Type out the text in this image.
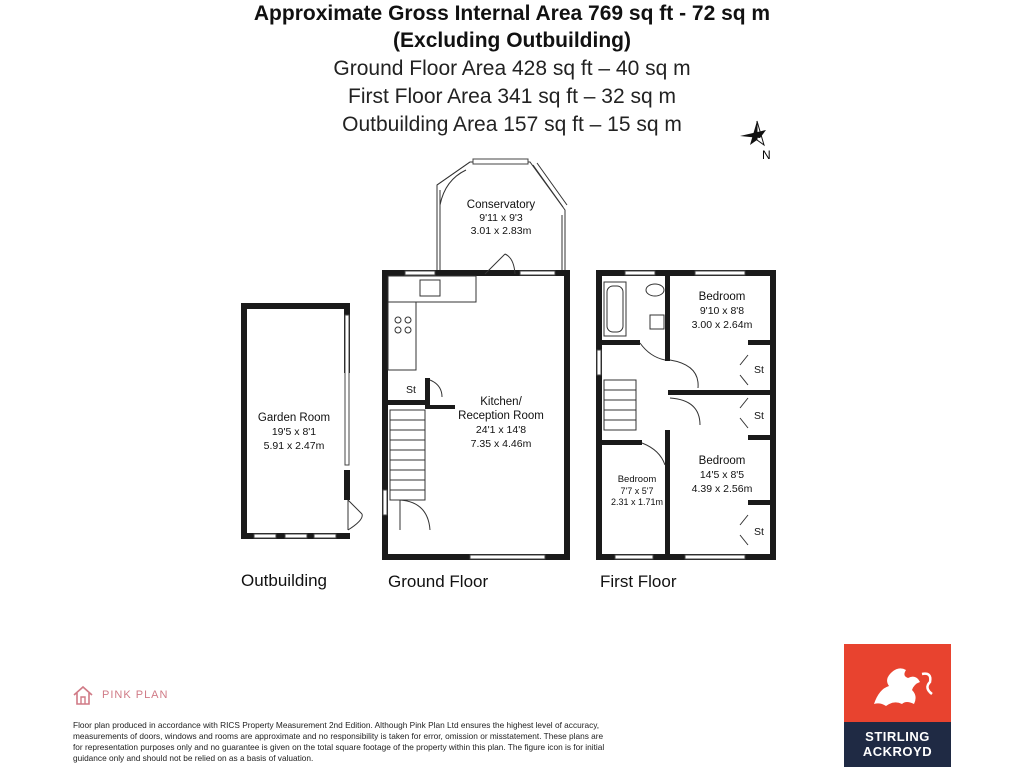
Approximate Gross Internal Area 769 sq ft - 72 sq m
(Excluding Outbuilding)
Ground Floor Area 428 sq ft – 40 sq m
First Floor Area 341 sq ft – 32 sq m
Outbuilding Area 157 sq ft – 15 sq m
N
Conservatory
9'11 x 9'3
3.01 x 2.83m
Kitchen/
Reception Room
24'1 x 14'8
7.35 x 4.46m
St
Garden Room
19'5 x 8'1
5.91 x 2.47m
Bedroom
9'10 x 8'8
3.00 x 2.64m
Bedroom
14'5 x 8'5
4.39 x 2.56m
Bedroom
7'7 x 5'7
2.31 x 1.71m
St
St
St
Outbuilding	Ground Floor	First Floor
PINK PLAN
Floor plan produced in accordance with RICS Property Measurement 2nd Edition. Although Pink Plan Ltd ensures the highest level of accuracy, measurements of doors, windows and rooms are approximate and no responsibility is taken for error, omission or misstatement. These plans are for representation purposes only and no guarantee is given on the total square footage of the property within this plan. The figure icon is for initial guidance only and should not be relied on as a basis of valuation.
STIRLING
ACKROYD
